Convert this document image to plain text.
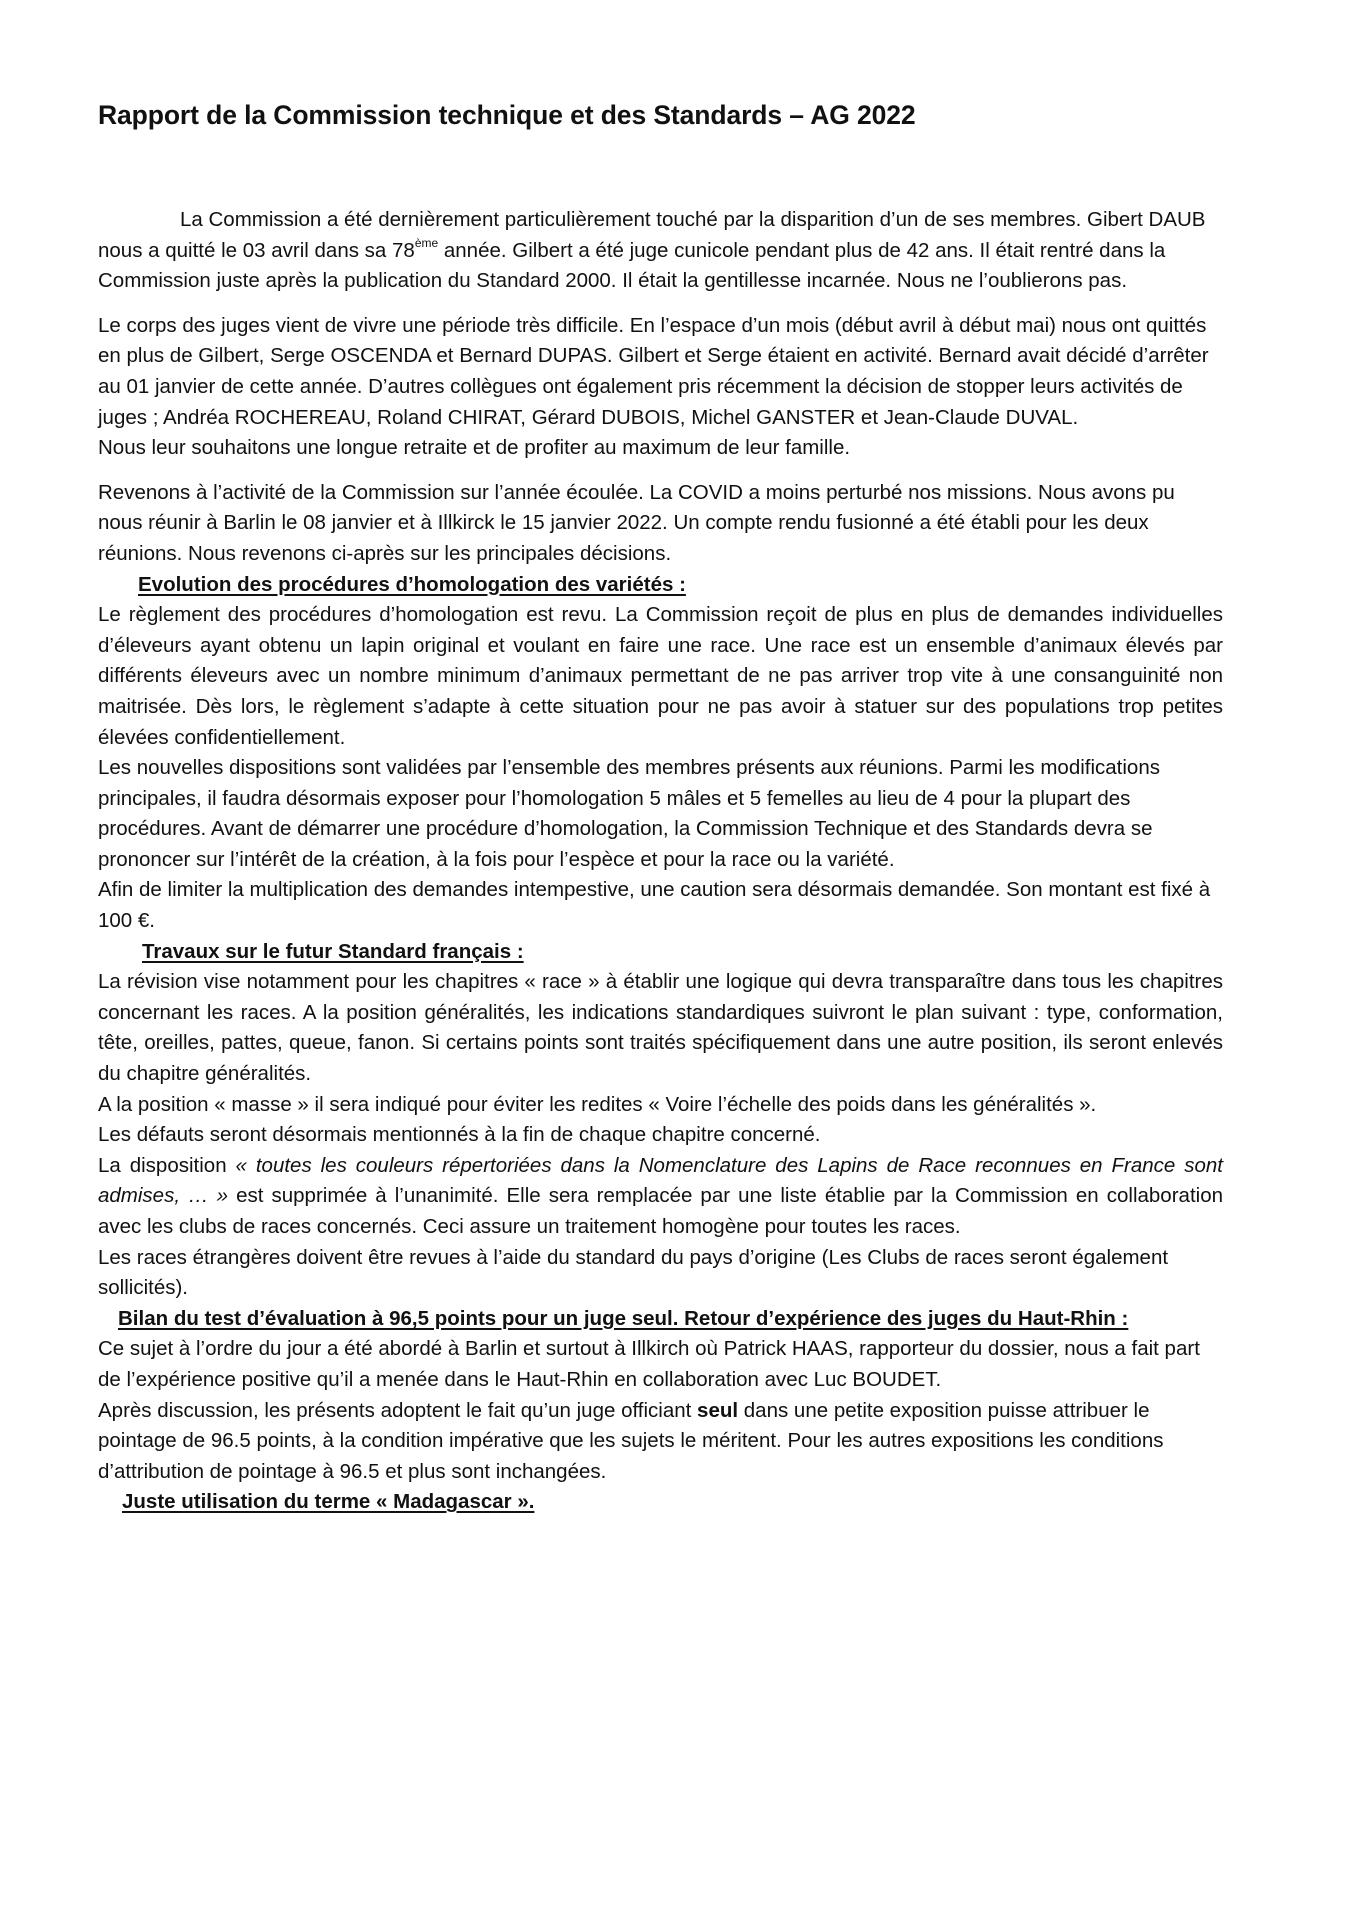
Rapport de la Commission technique et des Standards – AG 2022

La Commission a été dernièrement particulièrement touché par la disparition d’un de ses membres. Gibert DAUB nous a quitté le 03 avril dans sa 78ème année. Gilbert a été juge cunicole pendant plus de 42 ans. Il était rentré dans la Commission juste après la publication du Standard 2000. Il était la gentillesse incarnée. Nous ne l’oublierons pas.

Le corps des juges vient de vivre une période très difficile. En l’espace d’un mois (début avril à début mai) nous ont quittés en plus de Gilbert, Serge OSCENDA et Bernard DUPAS. Gilbert et Serge étaient en activité. Bernard avait décidé d’arrêter au 01 janvier de cette année. D’autres collègues ont également pris récemment la décision de stopper leurs activités de juges ; Andréa ROCHEREAU, Roland CHIRAT, Gérard DUBOIS, Michel GANSTER et Jean-Claude DUVAL.

Nous leur souhaitons une longue retraite et de profiter au maximum de leur famille.

Revenons à l’activité de la Commission sur l’année écoulée. La COVID a moins perturbé nos missions. Nous avons pu nous réunir à Barlin le 08 janvier et à Illkirck le 15 janvier 2022. Un compte rendu fusionné a été établi pour les deux réunions. Nous revenons ci-après sur les principales décisions.

Evolution des procédures d’homologation des variétés :

Le règlement des procédures d’homologation est revu. La Commission reçoit de plus en plus de demandes individuelles d’éleveurs ayant obtenu un lapin original et voulant en faire une race. Une race est un ensemble d’animaux élevés par différents éleveurs avec un nombre minimum d’animaux permettant de ne pas arriver trop vite à une consanguinité non maitrisée. Dès lors, le règlement s’adapte à cette situation pour ne pas avoir à statuer sur des populations trop petites élevées confidentiellement.

Les nouvelles dispositions sont validées par l’ensemble des membres présents aux réunions. Parmi les modifications principales, il faudra désormais exposer pour l’homologation 5 mâles et 5 femelles au lieu de 4 pour la plupart des procédures. Avant de démarrer une procédure d’homologation, la Commission Technique et des Standards devra se prononcer sur l’intérêt de la création, à la fois pour l’espèce et pour la race ou la variété.

Afin de limiter la multiplication des demandes intempestive, une caution sera désormais demandée. Son montant est fixé à 100 €.

Travaux sur le futur Standard français :

La révision vise notamment pour les chapitres « race » à établir une logique qui devra transparaître dans tous les chapitres concernant les races. A la position généralités, les indications standardiques suivront le plan suivant : type, conformation, tête, oreilles, pattes, queue, fanon. Si certains points sont traités spécifiquement dans une autre position, ils seront enlevés du chapitre généralités.

A la position « masse » il sera indiqué pour éviter les redites « Voire l’échelle des poids dans les généralités ».

Les défauts seront désormais mentionnés à la fin de chaque chapitre concerné.

La disposition « toutes les couleurs répertoriées dans la Nomenclature des Lapins de Race reconnues en France sont admises, … » est supprimée à l’unanimité. Elle sera remplacée par une liste établie par la Commission en collaboration avec les clubs de races concernés. Ceci assure un traitement homogène pour toutes les races.

Les races étrangères doivent être revues à l’aide du standard du pays d’origine (Les Clubs de races seront également sollicités).

Bilan du test d’évaluation à 96,5 points pour un juge seul. Retour d’expérience des juges du Haut-Rhin :

Ce sujet à l’ordre du jour a été abordé à Barlin et surtout à Illkirch où Patrick HAAS, rapporteur du dossier, nous a fait part de l’expérience positive qu’il a menée dans le Haut-Rhin en collaboration avec Luc BOUDET.

Après discussion, les présents adoptent le fait qu’un juge officiant seul dans une petite exposition puisse attribuer le pointage de 96.5 points, à la condition impérative que les sujets le méritent. Pour les autres expositions les conditions d’attribution de pointage à 96.5 et plus sont inchangées.

Juste utilisation du terme « Madagascar ».
